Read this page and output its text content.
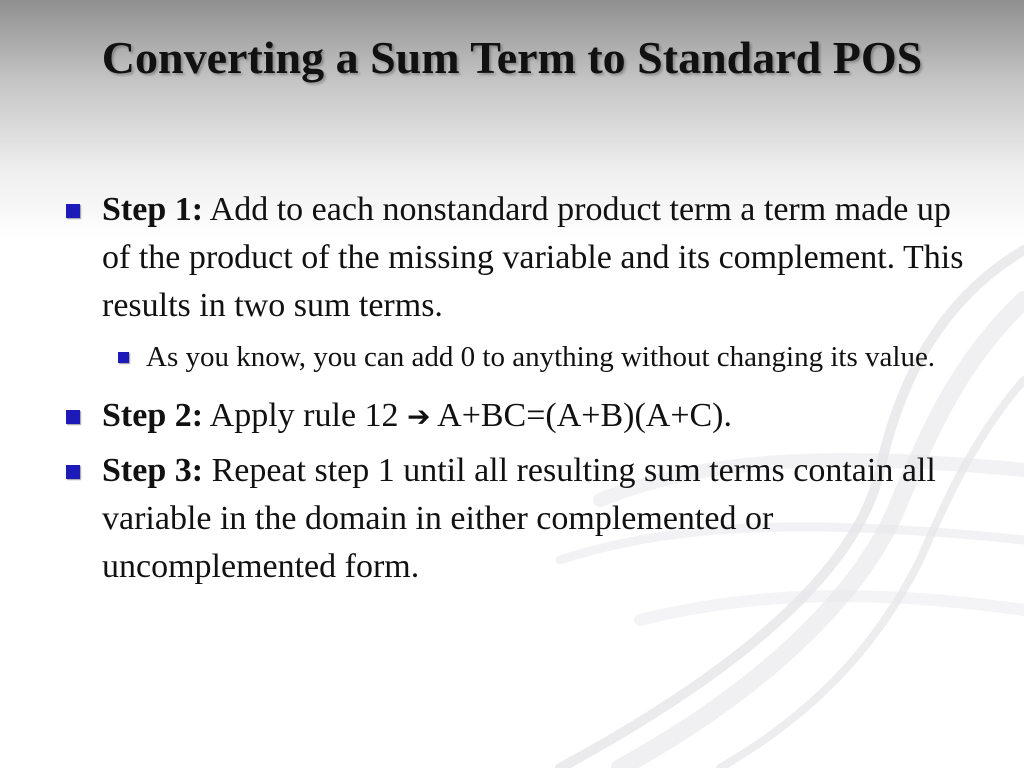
Converting a Sum Term to Standard POS
Step 1: Add to each nonstandard product term a term made up of the product of the missing variable and its complement. This results in two sum terms.
As you know, you can add 0 to anything without changing its value.
Step 2: Apply rule 12 ➔ A+BC=(A+B)(A+C).
Step 3: Repeat step 1 until all resulting sum terms contain all variable in the domain in either complemented or uncomplemented form.
